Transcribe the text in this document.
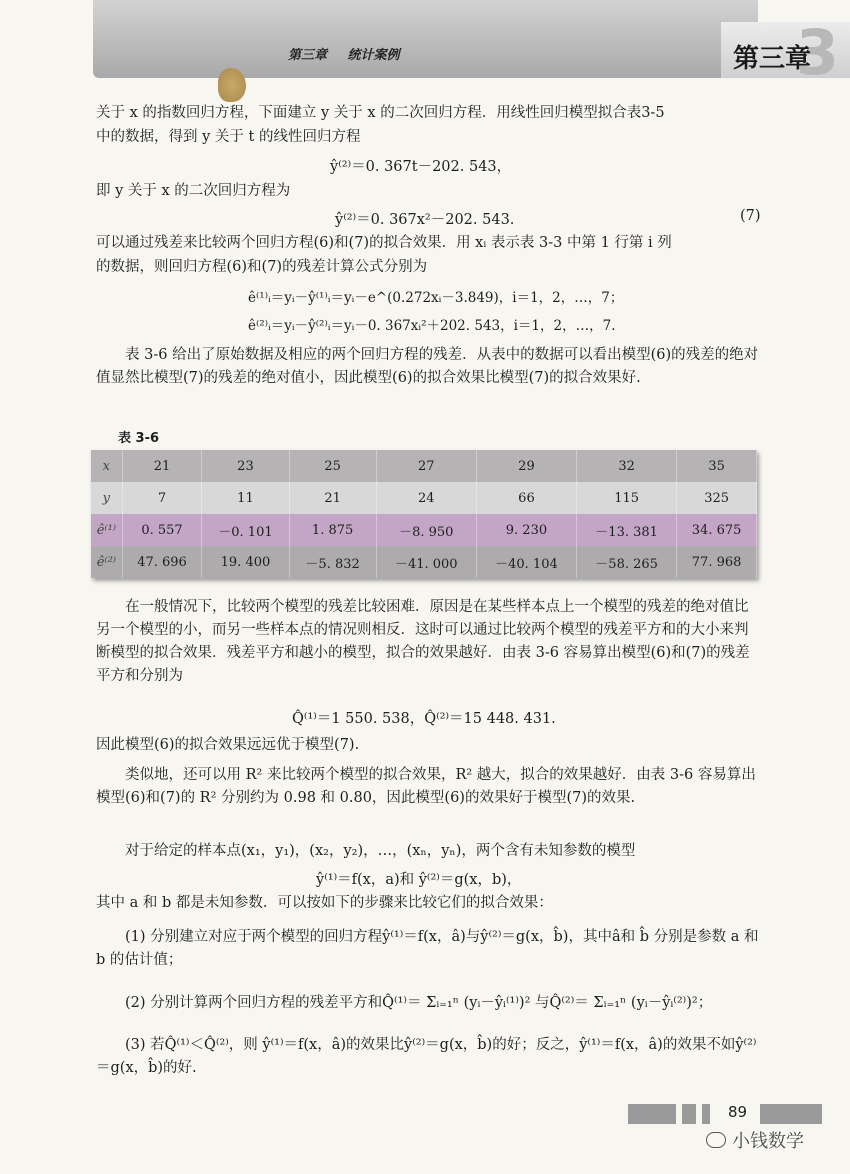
第三章 统计案例	3
第三章

关于 x 的指数回归方程，下面建立 y 关于 x 的二次回归方程．用线性回归模型拟合表3-5

中的数据，得到 y 关于 t 的线性回归方程

ŷ⁽²⁾＝0. 367t－202. 543，

即 y 关于 x 的二次回归方程为

ŷ⁽²⁾＝0. 367x²－202. 543.	(7)

可以通过残差来比较两个回归方程(6)和(7)的拟合效果．用 xᵢ 表示表 3-3 中第 1 行第 i 列

的数据，则回归方程(6)和(7)的残差计算公式分别为

ê⁽¹⁾ᵢ＝yᵢ－ŷ⁽¹⁾ᵢ＝yᵢ－e^(0.272xᵢ－3.849)，i＝1，2，…，7；
ê⁽²⁾ᵢ＝yᵢ－ŷ⁽²⁾ᵢ＝yᵢ－0. 367xᵢ²＋202. 543，i＝1，2，…，7.

表 3-6 给出了原始数据及相应的两个回归方程的残差．从表中的数据可以看出模型(6)的残差的绝对值显然比模型(7)的残差的绝对值小，因此模型(6)的拟合效果比模型(7)的拟合效果好.

表 3-6
x	21	23	25	27	29	32	35
y	7	11	21	24	66	115	325
ê⁽¹⁾	0. 557	－0. 101	1. 875	－8. 950	9. 230	－13. 381	34. 675
ê⁽²⁾	47. 696	19. 400	－5. 832	－41. 000	－40. 104	－58. 265	77. 968

在一般情况下，比较两个模型的残差比较困难．原因是在某些样本点上一个模型的残差的绝对值比另一个模型的小，而另一些样本点的情况则相反．这时可以通过比较两个模型的残差平方和的大小来判断模型的拟合效果．残差平方和越小的模型，拟合的效果越好．由表 3-6 容易算出模型(6)和(7)的残差平方和分别为

Q̂⁽¹⁾＝1 550. 538，Q̂⁽²⁾＝15 448. 431.

因此模型(6)的拟合效果远远优于模型(7).

类似地，还可以用 R² 来比较两个模型的拟合效果，R² 越大，拟合的效果越好．由表 3-6 容易算出模型(6)和(7)的 R² 分别约为 0.98 和 0.80，因此模型(6)的效果好于模型(7)的效果.

对于给定的样本点(x₁，y₁)，(x₂，y₂)，…，(xₙ，yₙ)，两个含有未知参数的模型

ŷ⁽¹⁾＝f(x，a)和 ŷ⁽²⁾＝g(x，b)，

其中 a 和 b 都是未知参数．可以按如下的步骤来比较它们的拟合效果：

(1) 分别建立对应于两个模型的回归方程ŷ⁽¹⁾＝f(x，â)与ŷ⁽²⁾＝g(x，b̂)，其中â和 b̂ 分别是参数 a 和 b 的估计值；

(2) 分别计算两个回归方程的残差平方和Q̂⁽¹⁾＝ Σᵢ₌₁ⁿ (yᵢ－ŷᵢ⁽¹⁾)² 与Q̂⁽²⁾＝ Σᵢ₌₁ⁿ (yᵢ－ŷᵢ⁽²⁾)²；

(3) 若Q̂⁽¹⁾＜Q̂⁽²⁾，则 ŷ⁽¹⁾＝f(x，â)的效果比ŷ⁽²⁾＝g(x，b̂)的好；反之，ŷ⁽¹⁾＝f(x，â)的效果不如ŷ⁽²⁾＝g(x，b̂)的好.

89
小钱数学
